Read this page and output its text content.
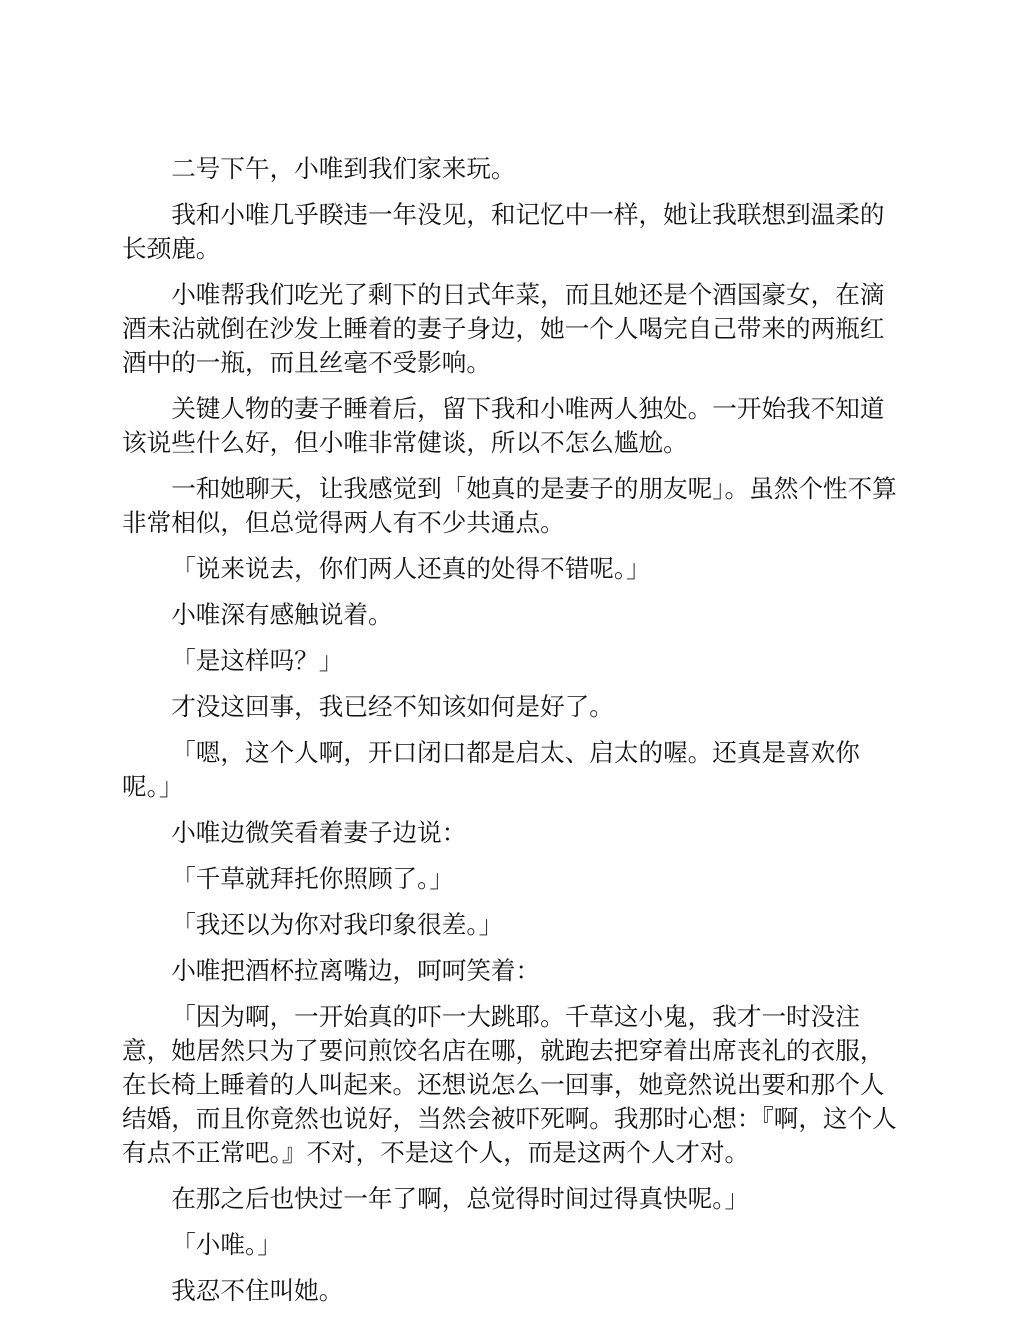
二号下午，小唯到我们家来玩。

我和小唯几乎睽违一年没见，和记忆中一样，她让我联想到温柔的长颈鹿。

小唯帮我们吃光了剩下的日式年菜，而且她还是个酒国豪女，在滴酒未沾就倒在沙发上睡着的妻子身边，她一个人喝完自己带来的两瓶红酒中的一瓶，而且丝毫不受影响。

关键人物的妻子睡着后，留下我和小唯两人独处。一开始我不知道该说些什么好，但小唯非常健谈，所以不怎么尴尬。

一和她聊天，让我感觉到「她真的是妻子的朋友呢」。虽然个性不算非常相似，但总觉得两人有不少共通点。

「说来说去，你们两人还真的处得不错呢。」

小唯深有感触说着。

「是这样吗？」

才没这回事，我已经不知该如何是好了。

「嗯，这个人啊，开口闭口都是启太、启太的喔。还真是喜欢你呢。」

小唯边微笑看着妻子边说：

「千草就拜托你照顾了。」

「我还以为你对我印象很差。」

小唯把酒杯拉离嘴边，呵呵笑着：

「因为啊，一开始真的吓一大跳耶。千草这小鬼，我才一时没注意，她居然只为了要问煎饺名店在哪，就跑去把穿着出席丧礼的衣服，在长椅上睡着的人叫起来。还想说怎么一回事，她竟然说出要和那个人结婚，而且你竟然也说好，当然会被吓死啊。我那时心想：『啊，这个人有点不正常吧。』不对，不是这个人，而是这两个人才对。

在那之后也快过一年了啊，总觉得时间过得真快呢。」

「小唯。」

我忍不住叫她。
